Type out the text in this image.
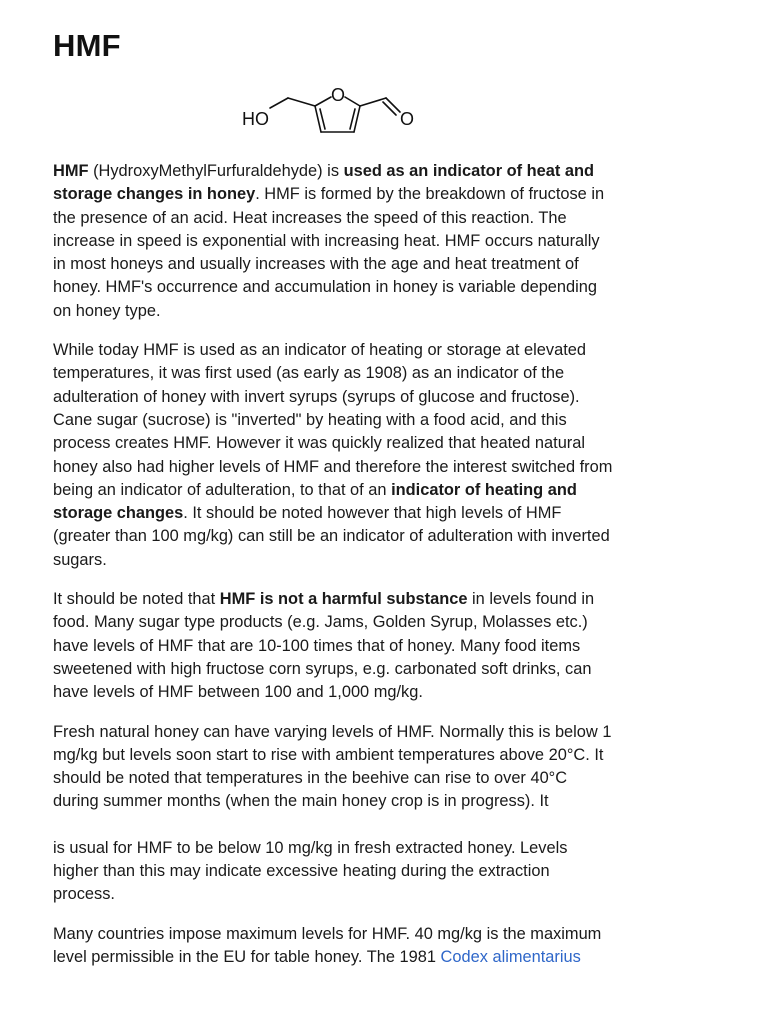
HMF
HO
O
O

HMF (HydroxyMethylFurfuraldehyde) is used as an indicator of heat and storage changes in honey. HMF is formed by the breakdown of fructose in the presence of an acid. Heat increases the speed of this reaction. The increase in speed is exponential with increasing heat. HMF occurs naturally in most honeys and usually increases with the age and heat treatment of honey. HMF's occurrence and accumulation in honey is variable depending on honey type.

While today HMF is used as an indicator of heating or storage at elevated temperatures, it was first used (as early as 1908) as an indicator of the adulteration of honey with invert syrups (syrups of glucose and fructose). Cane sugar (sucrose) is "inverted" by heating with a food acid, and this process creates HMF. However it was quickly realized that heated natural honey also had higher levels of HMF and therefore the interest switched from being an indicator of adulteration, to that of an indicator of heating and storage changes. It should be noted however that high levels of HMF (greater than 100 mg/kg) can still be an indicator of adulteration with inverted sugars.

It should be noted that HMF is not a harmful substance in levels found in food. Many sugar type products (e.g. Jams, Golden Syrup, Molasses etc.) have levels of HMF that are 10-100 times that of honey. Many food items sweetened with high fructose corn syrups, e.g. carbonated soft drinks, can have levels of HMF between 100 and 1,000 mg/kg.

Fresh natural honey can have varying levels of HMF. Normally this is below 1 mg/kg but levels soon start to rise with ambient temperatures above 20°C. It should be noted that temperatures in the beehive can rise to over 40°C during summer months (when the main honey crop is in progress). It

is usual for HMF to be below 10 mg/kg in fresh extracted honey. Levels higher than this may indicate excessive heating during the extraction process.

Many countries impose maximum levels for HMF. 40 mg/kg is the maximum level permissible in the EU for table honey. The 1981 Codex alimentarius
